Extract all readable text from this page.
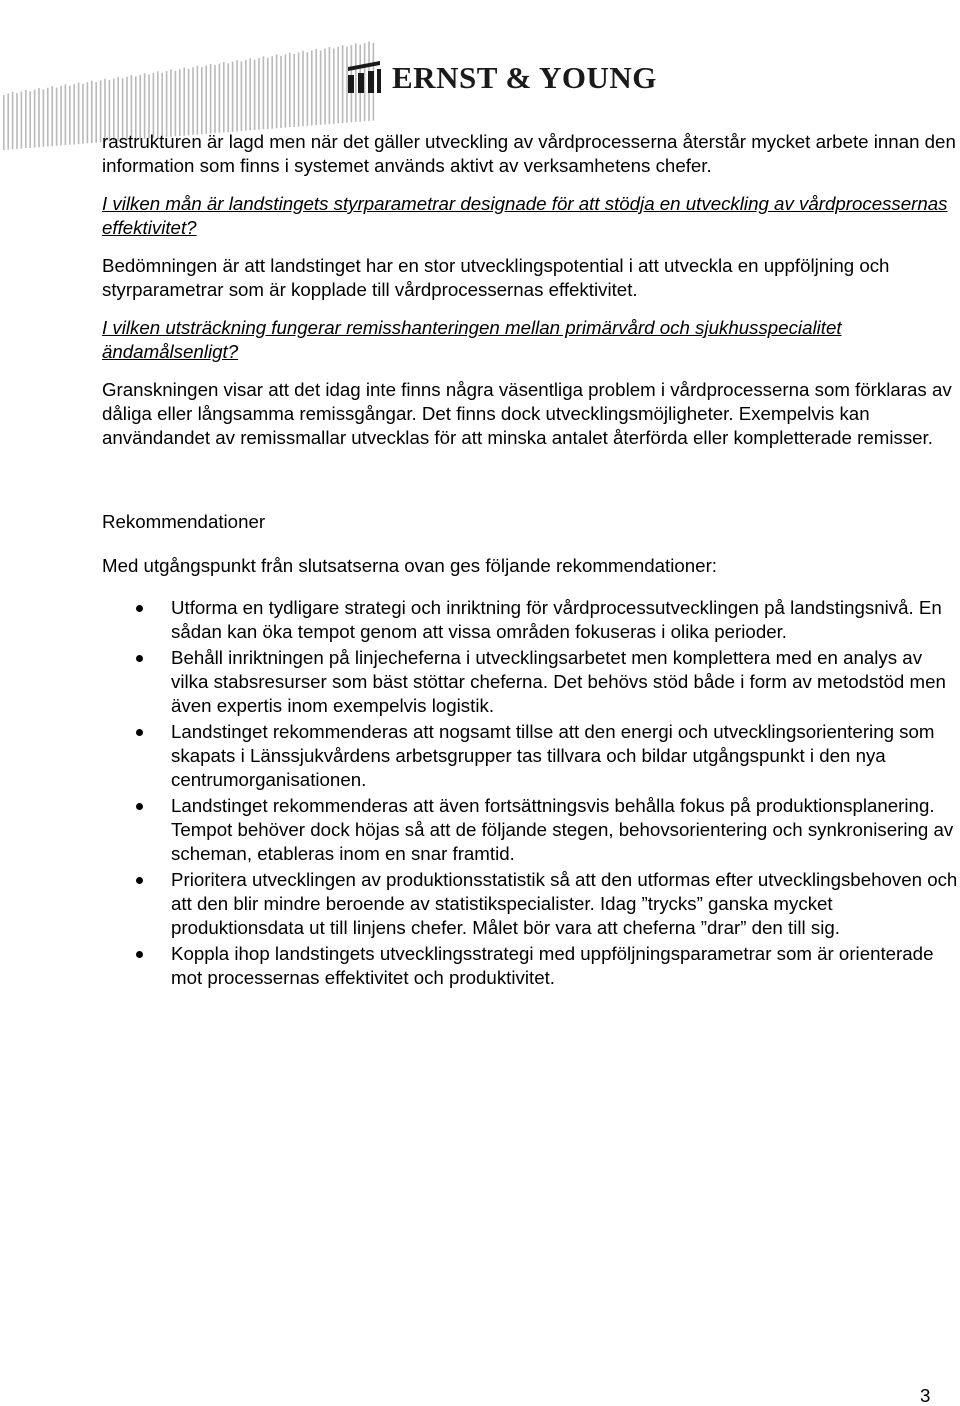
ERNST & YOUNG

rastrukturen är lagd men när det gäller utveckling av vårdprocesserna återstår mycket arbete innan den information som finns i systemet används aktivt av verksamhetens chefer.

I vilken mån är landstingets styrparametrar designade för att stödja en utveckling av vårdprocessernas effektivitet?

Bedömningen är att landstinget har en stor utvecklingspotential i att utveckla en uppföljning och styrparametrar som är kopplade till vårdprocessernas effektivitet.

I vilken utsträckning fungerar remisshanteringen mellan primärvård och sjukhusspecialitet ändamålsenligt?

Granskningen visar att det idag inte finns några väsentliga problem i vårdprocesserna som förklaras av dåliga eller långsamma remissgångar. Det finns dock utvecklingsmöjligheter. Exempelvis kan användandet av remissmallar utvecklas för att minska antalet återförda eller kompletterade remisser.

Rekommendationer

Med utgångspunkt från slutsatserna ovan ges följande rekommendationer:

Utforma en tydligare strategi och inriktning för vårdprocessutvecklingen på landstingsnivå. En sådan kan öka tempot genom att vissa områden fokuseras i olika perioder.
Behåll inriktningen på linjecheferna i utvecklingsarbetet men komplettera med en analys av vilka stabsresurser som bäst stöttar cheferna. Det behövs stöd både i form av metodstöd men även expertis inom exempelvis logistik.
Landstinget rekommenderas att nogsamt tillse att den energi och utvecklingsorientering som skapats i Länssjukvårdens arbetsgrupper tas tillvara och bildar utgångspunkt i den nya centrumorganisationen.
Landstinget rekommenderas att även fortsättningsvis behålla fokus på produktionsplanering. Tempot behöver dock höjas så att de följande stegen, behovsorientering och synkronisering av scheman, etableras inom en snar framtid.
Prioritera utvecklingen av produktionsstatistik så att den utformas efter utvecklingsbehoven och att den blir mindre beroende av statistikspecialister. Idag ”trycks” ganska mycket produktionsdata ut till linjens chefer. Målet bör vara att cheferna ”drar” den till sig.
Koppla ihop landstingets utvecklingsstrategi med uppföljningsparametrar som är orienterade mot processernas effektivitet och produktivitet.
3
